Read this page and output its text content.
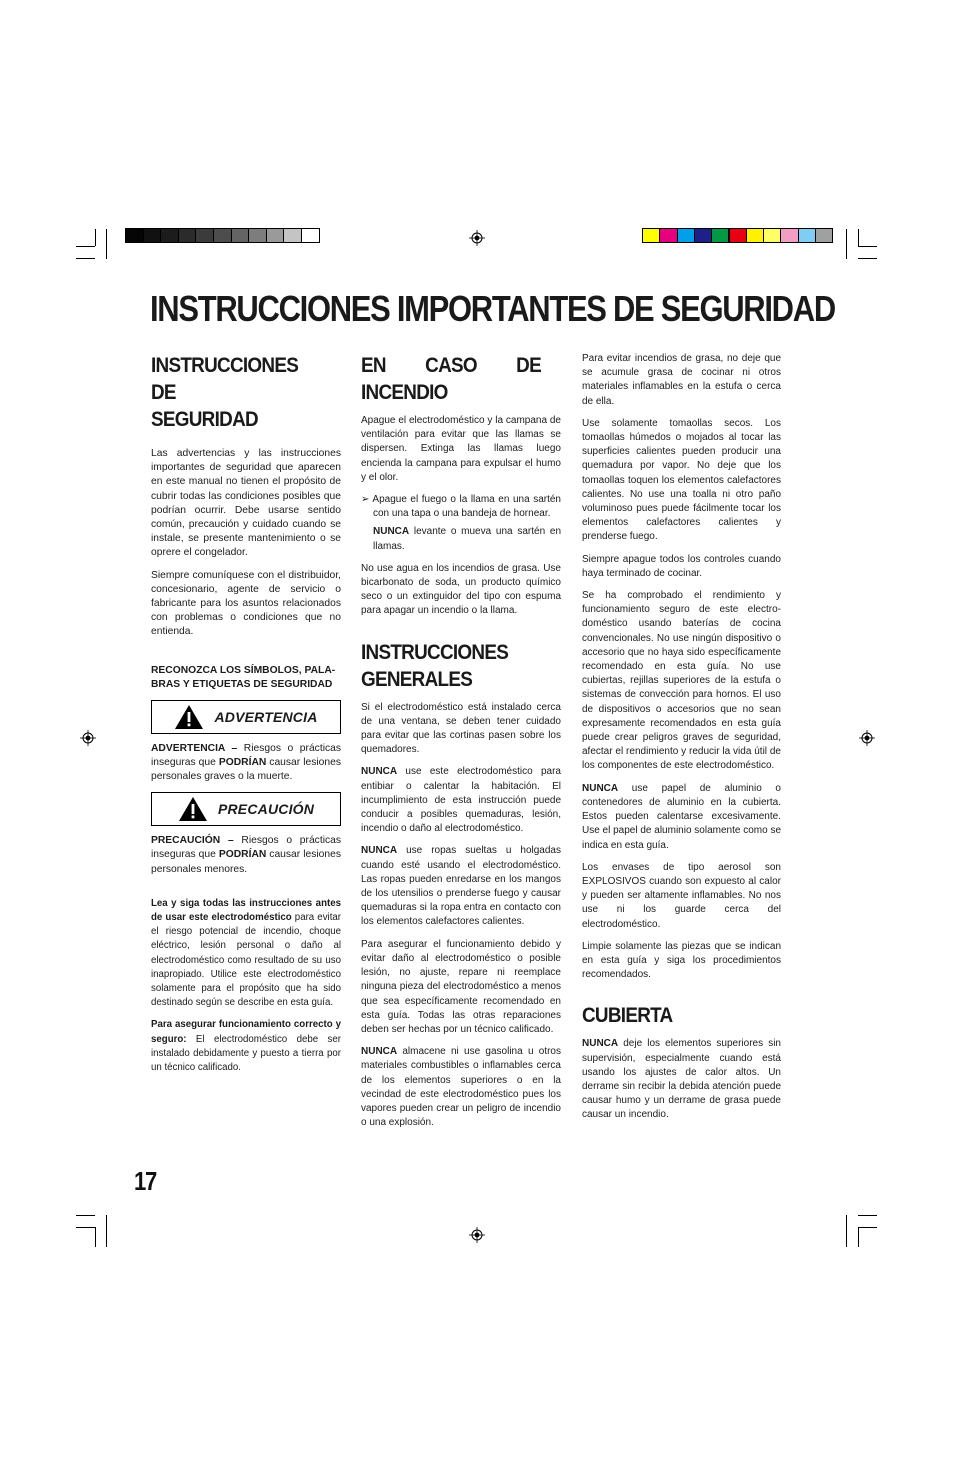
INSTRUCCIONES IMPORTANTES DE SEGURIDAD
INSTRUCCIONES DE
SEGURIDAD

Las advertencias y las instrucciones importantes de seguridad que aparecen en este manual no tienen el propósito de cubrir todas las condiciones posibles que podrían ocurrir. Debe usarse sentido común, precaución y cuidado cuando se instale, se presente mantenimiento o se oprere el congelador.

Siempre comuníquese con el distribuidor, concesionario, agente de servicio o fabricante para los asuntos relacionados con problemas o condiciones que no entienda.

RECONOZCA LOS SÍMBOLOS, PALA-BRAS Y ETIQUETAS DE SEGURIDAD

ADVERTENCIA

ADVERTENCIA – Riesgos o prácticas inseguras que PODRÍAN causar lesiones personales graves o la muerte.

PRECAUCIÓN

PRECAUCIÓN – Riesgos o prácticas inseguras que PODRÍAN causar lesiones personales menores.

Lea y siga todas las instrucciones antes de usar este electrodoméstico para evitar el riesgo potencial de incendio, choque eléctrico, lesión personal o daño al electrodoméstico como resultado de su uso inapropiado. Utilice este electrodoméstico solamente para el propósito que ha sido destinado según se describe en esta guía.

Para asegurar funcionamiento correcto y seguro: El electrodoméstico debe ser instalado debidamente y puesto a tierra por un técnico calificado.

EN CASO DE INCENDIO

Apague el electrodoméstico y la campana de ventilación para evitar que las llamas se dispersen. Extinga las llamas luego encienda la campana para expulsar el humo y el olor.

➢ Apague el fuego o la llama en una sartén con una tapa o una bandeja de hornear.

NUNCA levante o mueva una sartén en llamas.

No use agua en los incendios de grasa. Use bicarbonato de soda, un producto químico seco o un extinguidor del tipo con espuma para apagar un incendio o la llama.

INSTRUCCIONES GENERALES

Si el electrodoméstico está instalado cerca de una ventana, se deben tener cuidado para evitar que las cortinas pasen sobre los quemadores.

NUNCA use este electrodoméstico para entibiar o calentar la habitación. El incumplimiento de esta instrucción puede conducir a posibles quemaduras, lesión, incendio o daño al electrodoméstico.

NUNCA use ropas sueltas u holgadas cuando esté usando el electrodoméstico. Las ropas pueden enredarse en los mangos de los utensilios o prenderse fuego y causar quemaduras si la ropa entra en contacto con los elementos calefactores calientes.

Para asegurar el funcionamiento debido y evitar daño al electrodoméstico o posible lesión, no ajuste, repare ni reemplace ninguna pieza del electrodoméstico a menos que sea específicamente recomendado en esta guía. Todas las otras reparaciones deben ser hechas por un técnico calificado.

NUNCA almacene ni use gasolina u otros materiales combustibles o inflamables cerca de los elementos superiores o en la vecindad de este electrodoméstico pues los vapores pueden crear un peligro de incendio o una explosión.

Para evitar incendios de grasa, no deje que se acumule grasa de cocinar ni otros materiales inflamables en la estufa o cerca de ella.

Use solamente tomaollas secos. Los tomaollas húmedos o mojados al tocar las superficies calientes pueden producir una quemadura por vapor. No deje que los tomaollas toquen los elementos calefactores calientes. No use una toalla ni otro paño voluminoso pues puede fácilmente tocar los elementos calefactores calientes y prenderse fuego.

Siempre apague todos los controles cuando haya terminado de cocinar.

Se ha comprobado el rendimiento y funcionamiento seguro de este electro-doméstico usando baterías de cocina convencionales. No use ningún dispositivo o accesorio que no haya sido específicamente recomendado en esta guía. No use cubiertas, rejillas superiores de la estufa o sistemas de convección para hornos. El uso de dispositivos o accesorios que no sean expresamente recomendados en esta guía puede crear peligros graves de seguridad, afectar el rendimiento y reducir la vida útil de los componentes de este electrodoméstico.

NUNCA use papel de aluminio o contenedores de aluminio en la cubierta. Estos pueden calentarse excesivamente. Use el papel de aluminio solamente como se indica en esta guía.

Los envases de tipo aerosol son EXPLOSIVOS cuando son expuesto al calor y pueden ser altamente inflamables. No nos use ni los guarde cerca del electrodoméstico.

Limpie solamente las piezas que se indican en esta guía y siga los procedimientos recomendados.

CUBIERTA

NUNCA deje los elementos superiores sin supervisión, especialmente cuando está usando los ajustes de calor altos. Un derrame sin recibir la debida atención puede causar humo y un derrame de grasa puede causar un incendio.

17
